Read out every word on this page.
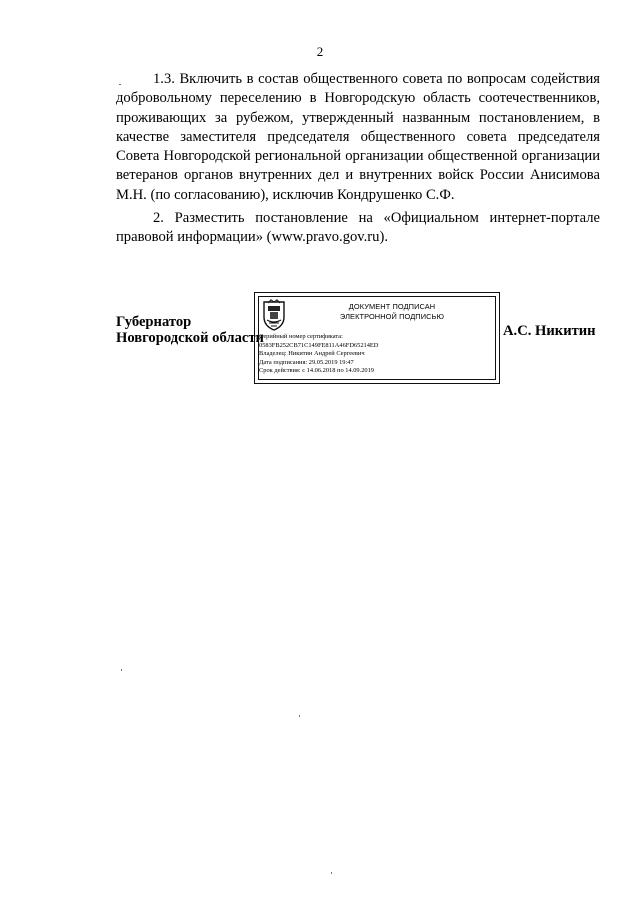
2

1.3. Включить в состав общественного совета по вопросам содействия добровольному переселению в Новгородскую область соотечественников, проживающих за рубежом, утвержденный названным постановлением, в качестве заместителя председателя общественного совета председателя Совета Новгородской региональной организации общественной организации ветеранов органов внутренних дел и внутренних войск России Анисимова М.Н. (по согласованию), исключив Кондрушенко С.Ф.

2. Разместить постановление на «Официальном интернет-портале правовой информации» (www.pravo.gov.ru).

Губернатор
Новгородской области
ДОКУМЕНТ ПОДПИСАН
ЭЛЕКТРОННОЙ ПОДПИСЬЮ
Серийный номер сертификата:
0583FB252CB71C149FE811A46FD65214ED
Владелец: Никитин Андрей Сергеевич
Дата подписания: 29.05.2019 19:47
Срок действия: с 14.06.2018 по 14.09.2019
А.С. Никитин
